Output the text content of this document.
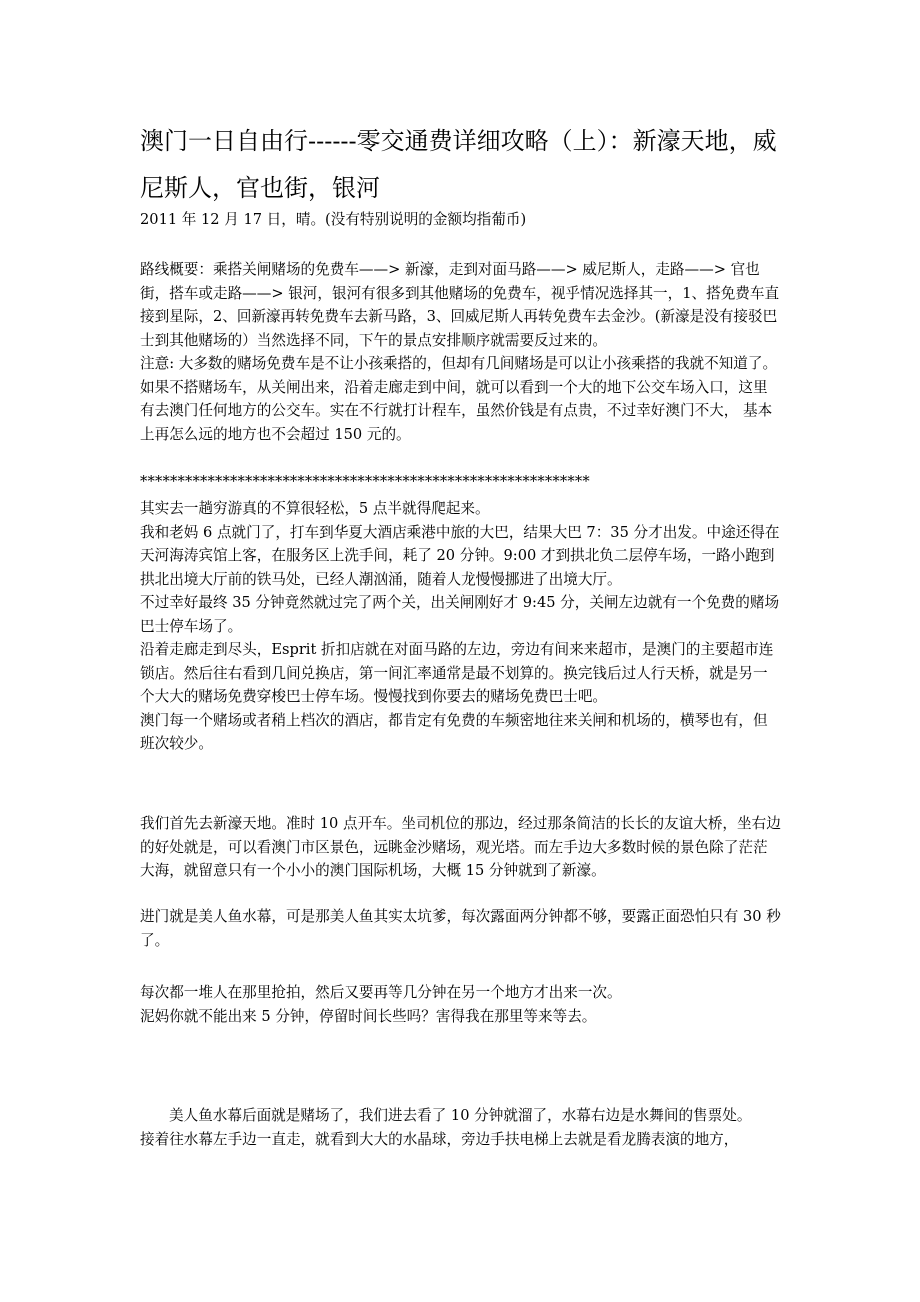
澳门一日自由行------零交通费详细攻略（上）：新濠天地，威尼斯人，官也街，银河
2011 年 12 月 17 日，晴。(没有特别说明的金额均指葡币)
路线概要：乘搭关闸赌场的免费车——> 新濠，走到对面马路——> 威尼斯人，走路——> 官也街，搭车或走路——> 银河，银河有很多到其他赌场的免费车，视乎情况选择其一，1、搭免费车直接到星际，2、回新濠再转免费车去新马路，3、回威尼斯人再转免费车去金沙。(新濠是没有接驳巴士到其他赌场的）当然选择不同，下午的景点安排顺序就需要反过来的。
注意: 大多数的赌场免费车是不让小孩乘搭的，但却有几间赌场是可以让小孩乘搭的我就不知道了。如果不搭赌场车，从关闸出来，沿着走廊走到中间，就可以看到一个大的地下公交车场入口，这里有去澳门任何地方的公交车。实在不行就打计程车，虽然价钱是有点贵，不过幸好澳门不大， 基本上再怎么远的地方也不会超过 150 元的。

************************************************************
其实去一趟穷游真的不算很轻松，5 点半就得爬起来。
我和老妈 6 点就门了，打车到华夏大酒店乘港中旅的大巴，结果大巴 7：35 分才出发。中途还得在天河海涛宾馆上客，在服务区上洗手间，耗了 20 分钟。9:00 才到拱北负二层停车场，一路小跑到拱北出境大厅前的铁马处，已经人潮汹涌，随着人龙慢慢挪进了出境大厅。
不过幸好最终 35 分钟竟然就过完了两个关，出关闸刚好才 9:45 分，关闸左边就有一个免费的赌场巴士停车场了。
沿着走廊走到尽头，Esprit 折扣店就在对面马路的左边，旁边有间来来超市，是澳门的主要超市连锁店。然后往右看到几间兑换店，第一间汇率通常是最不划算的。换完钱后过人行天桥，就是另一个大大的赌场免费穿梭巴士停车场。慢慢找到你要去的赌场免费巴士吧。
澳门每一个赌场或者稍上档次的酒店，都肯定有免费的车频密地往来关闸和机场的，横琴也有，但班次较少。
我们首先去新濠天地。准时 10 点开车。坐司机位的那边，经过那条简洁的长长的友谊大桥，坐右边的好处就是，可以看澳门市区景色，远眺金沙赌场，观光塔。而左手边大多数时候的景色除了茫茫大海，就留意只有一个小小的澳门国际机场，大概 15 分钟就到了新濠。
进门就是美人鱼水幕，可是那美人鱼其实太坑爹，每次露面两分钟都不够，要露正面恐怕只有 30 秒了。
每次都一堆人在那里抢拍，然后又要再等几分钟在另一个地方才出来一次。
泥妈你就不能出来 5 分钟，停留时间长些吗？害得我在那里等来等去。
美人鱼水幕后面就是赌场了，我们进去看了 10 分钟就溜了，水幕右边是水舞间的售票处。
接着往水幕左手边一直走，就看到大大的水晶球，旁边手扶电梯上去就是看龙腾表演的地方，
